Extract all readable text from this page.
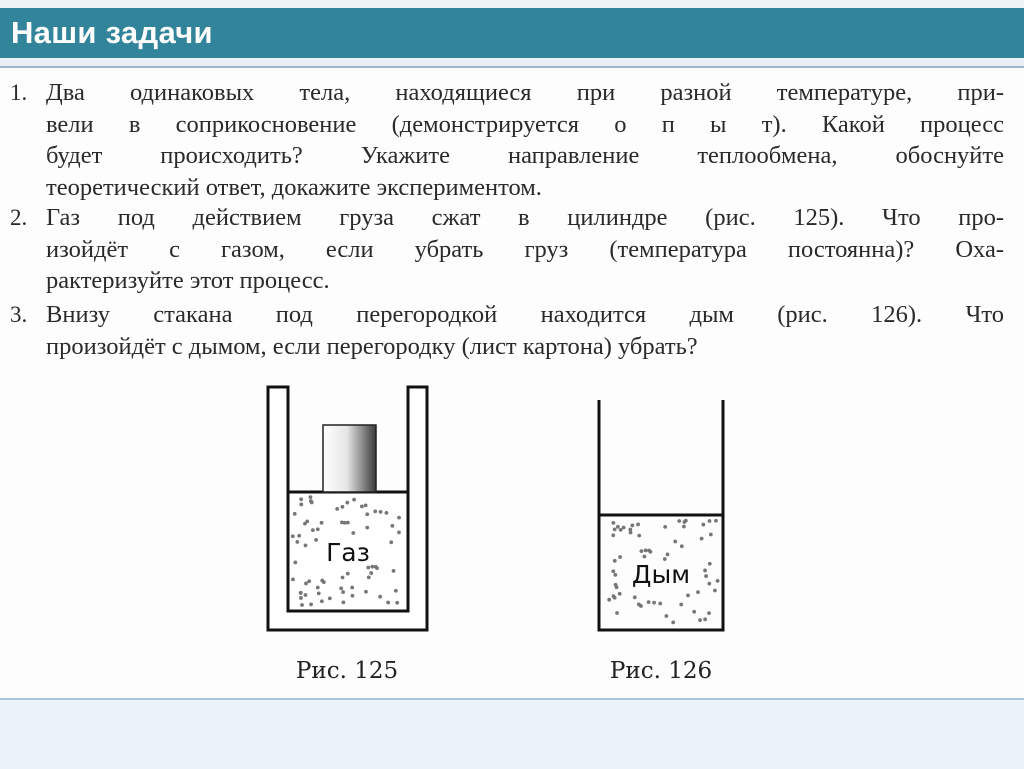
Наши задачи
1. Два одинаковых тела, находящиеся при разной температуре, при-
вели в соприкосновение (демонстрируется о п ы т). Какой процесс
будет происходить? Укажите направление теплообмена, обоснуйте
теоретический ответ, докажите экспериментом.
2. Газ под действием груза сжат в цилиндре (рис. 125). Что про-
изойдёт с газом, если убрать груз (температура постоянна)? Оха-
рактеризуйте этот процесс.
3. Внизу стакана под перегородкой находится дым (рис. 126). Что
произойдёт с дымом, если перегородку (лист картона) убрать?
Газ
Рис. 125
Дым
Рис. 126
